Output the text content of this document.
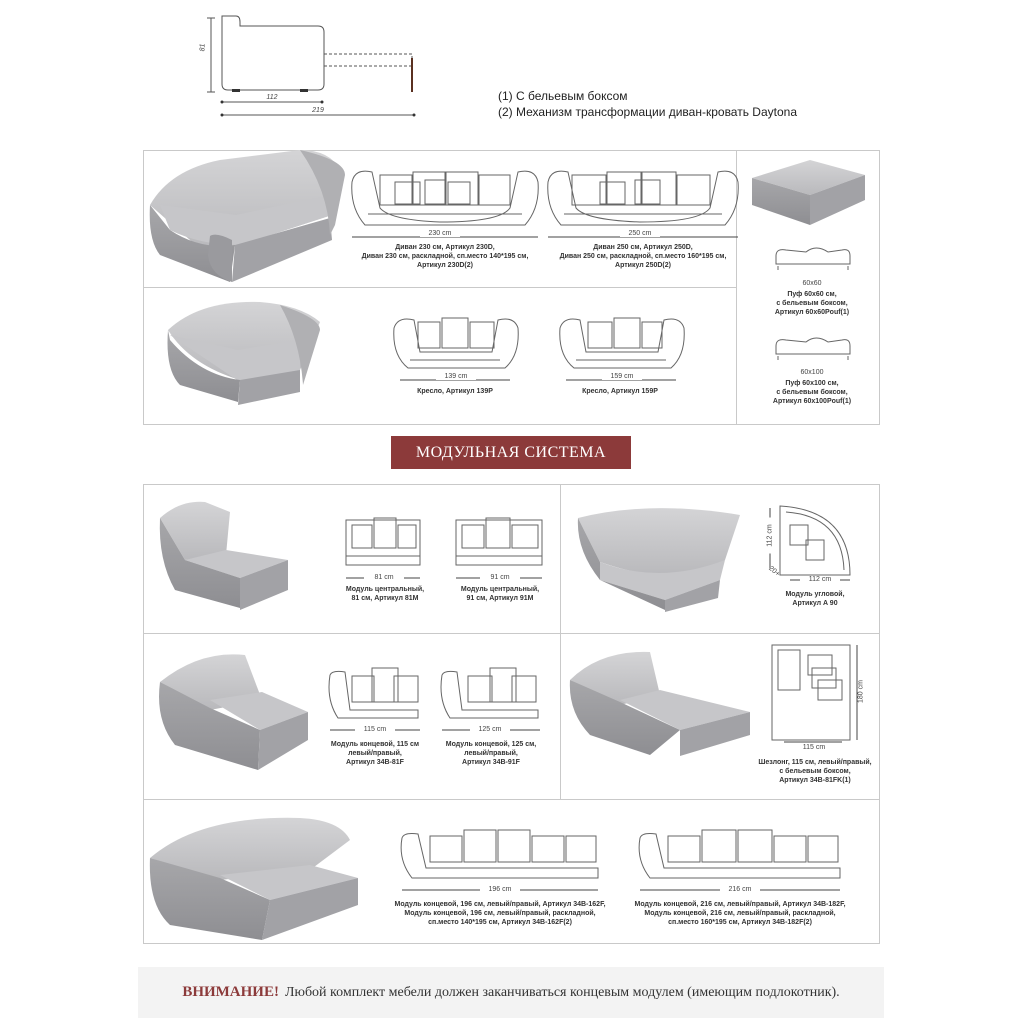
81
112
219
(1) С бельевым боксом
(2) Механизм трансформации диван-кровать Daytona
230 cm
Диван 230 см, Артикул 230D,
Диван 230 см, раскладной, сп.место 140*195 см,
Артикул 230D(2)
250 cm
Диван 250 см, Артикул 250D,
Диван 250 см, раскладной, сп.место 160*195 см,
Артикул 250D(2)
139 cm
Кресло, Артикул 139P
159 cm
Кресло, Артикул 159P
60x60
Пуф 60x60 см,
с бельевым боксом,
Артикул 60x60Pouf(1)
60x100
Пуф 60x100 см,
с бельевым боксом,
Артикул 60x100Pouf(1)
МОДУЛЬНАЯ СИСТЕМА
81 cm
Модуль центральный,
81 см, Артикул 81M
91 cm
Модуль центральный,
91 см, Артикул 91M
112 cm
20+
112 cm
Модуль угловой,
Артикул A 90
115 cm
Модуль концевой, 115 см
левый/правый,
Артикул 34B-81F
125 cm
Модуль концевой, 125 см,
левый/правый,
Артикул 34B-91F
180 cm
115 cm
Шезлонг, 115 см, левый/правый,
с бельевым боксом,
Артикул 34B-81FK(1)
196 cm
Модуль концевой, 196 см, левый/правый, Артикул 34B-162F,
Модуль концевой, 196 см, левый/правый, раскладной,
сп.место 140*195 см, Артикул 34B-162F(2)
216 cm
Модуль концевой, 216 см, левый/правый, Артикул 34B-182F,
Модуль концевой, 216 см, левый/правый, раскладной,
сп.место 160*195 см, Артикул 34B-182F(2)
ВНИМАНИЕ! Любой комплект мебели должен заканчиваться концевым модулем (имеющим подлокотник).
